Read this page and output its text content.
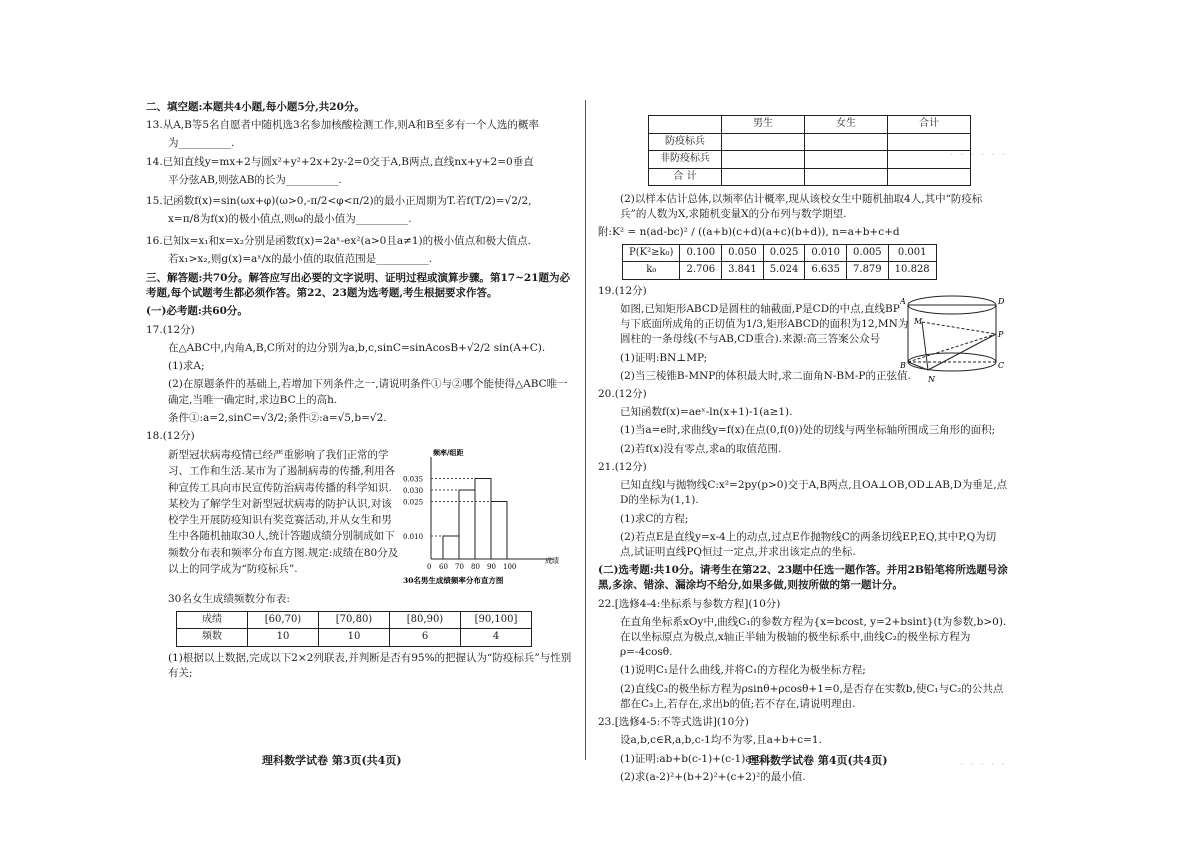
· · · · · ·
· · · · ·

二、填空题:本题共4小题,每小题5分,共20分。

13.从A,B等5名自愿者中随机选3名参加核酸检测工作,则A和B至多有一个人选的概率

为__________.

14.已知直线y=mx+2与圆x²+y²+2x+2y-2=0交于A,B两点,直线nx+y+2=0垂直

平分弦AB,则弦AB的长为__________.

15.记函数f(x)=sin(ωx+φ)(ω>0,-π/2<φ<π/2)的最小正周期为T.若f(T/2)=√2/2,

x=π/8为f(x)的极小值点,则ω的最小值为__________.

16.已知x=x₁和x=x₂分别是函数f(x)=2aˣ-ex²(a>0且a≠1)的极小值点和极大值点.

若x₁>x₂,则g(x)=aˣ/x的最小值的取值范围是__________.

三、解答题:共70分。解答应写出必要的文字说明、证明过程或演算步骤。第17~21题为必考题,每个试题考生都必须作答。第22、23题为选考题,考生根据要求作答。

(一)必考题:共60分。

17.(12分)

在△ABC中,内角A,B,C所对的边分别为a,b,c,sinC=sinAcosB+√2/2 sin(A+C).

(1)求A;

(2)在原题条件的基础上,若增加下列条件之一,请说明条件①与②哪个能使得△ABC唯一确定,当唯一确定时,求边BC上的高h.

条件①:a=2,sinC=√3/2;条件②:a=√5,b=√2.

18.(12分)

新型冠状病毒疫情已经严重影响了我们正常的学习、工作和生活.某市为了遏制病毒的传播,利用各种宣传工具向市民宣传防治病毒传播的科学知识.某校为了解学生对新型冠状病毒的防护认识,对该校学生开展防疫知识有奖竞赛活动,并从女生和男生中各随机抽取30人,统计答题成绩分别制成如下频数分布表和频率分布直方图.规定:成绩在80分及以上的同学成为“防疫标兵”.	0 60 70 80 90 100
0.010
0.025
0.030
0.035
频率/组距
成绩
30名男生成绩频率分布直方图

30名女生成绩频数分布表:

成绩	[60,70)	[70,80)	[80,90)	[90,100]
频数	10	10	6	4

(1)根据以上数据,完成以下2×2列联表,并判断是否有95%的把握认为“防疫标兵”与性别有关;

理科数学试卷 第3页(共4页)
	男生	女生	合计
防疫标兵			
非防疫标兵			
合 计			

(2)以样本估计总体,以频率估计概率,现从该校女生中随机抽取4人,其中“防疫标兵”的人数为X,求随机变量X的分布列与数学期望.

附:K² = n(ad-bc)² / ((a+b)(c+d)(a+c)(b+d)), n=a+b+c+d

P(K²≥k₀)	0.100	0.050	0.025	0.010	0.005	0.001
k₀	2.706	3.841	5.024	6.635	7.879	10.828

19.(12分)

如图,已知矩形ABCD是圆柱的轴截面,P是CD的中点,直线BP与下底面所成角的正切值为1/3,矩形ABCD的面积为12,MN为圆柱的一条母线(不与AB,CD重合).来源:高三答案公众号

(1)证明:BN⊥MP;

(2)当三棱锥B-MNP的体积最大时,求二面角N-BM-P的正弦值.

20.(12分)

已知函数f(x)=aeˣ-ln(x+1)-1(a≥1).

(1)当a=e时,求曲线y=f(x)在点(0,f(0))处的切线与两坐标轴所围成三角形的面积;

(2)若f(x)没有零点,求a的取值范围.

21.(12分)

已知直线l与抛物线C:x²=2py(p>0)交于A,B两点,且OA⊥OB,OD⊥AB,D为垂足,点D的坐标为(1,1).

(1)求C的方程;

(2)若点E是直线y=x-4上的动点,过点E作抛物线C的两条切线EP,EQ,其中P,Q为切点,试证明直线PQ恒过一定点,并求出该定点的坐标.

(二)选考题:共10分。请考生在第22、23题中任选一题作答。并用2B铅笔将所选题号涂黑,多涂、错涂、漏涂均不给分,如果多做,则按所做的第一题计分。

22.[选修4-4:坐标系与参数方程](10分)

在直角坐标系xOy中,曲线C₁的参数方程为{x=bcost, y=2+bsint}(t为参数,b>0).在以坐标原点为极点,x轴正半轴为极轴的极坐标系中,曲线C₂的极坐标方程为ρ=-4cosθ.

(1)说明C₁是什么曲线,并将C₁的方程化为极坐标方程;

(2)直线C₃的极坐标方程为ρsinθ+ρcosθ+1=0,是否存在实数b,使C₁与C₂的公共点都在C₃上,若存在,求出b的值;若不存在,请说明理由.

23.[选修4-5:不等式选讲](10分)

设a,b,c∈R,a,b,c-1均不为零,且a+b+c=1.

(1)证明:ab+b(c-1)+(c-1)a<0;

(2)求(a-2)²+(b+2)²+(c+2)²的最小值.

A	D
M
P
B	C
N
理科数学试卷 第4页(共4页)
